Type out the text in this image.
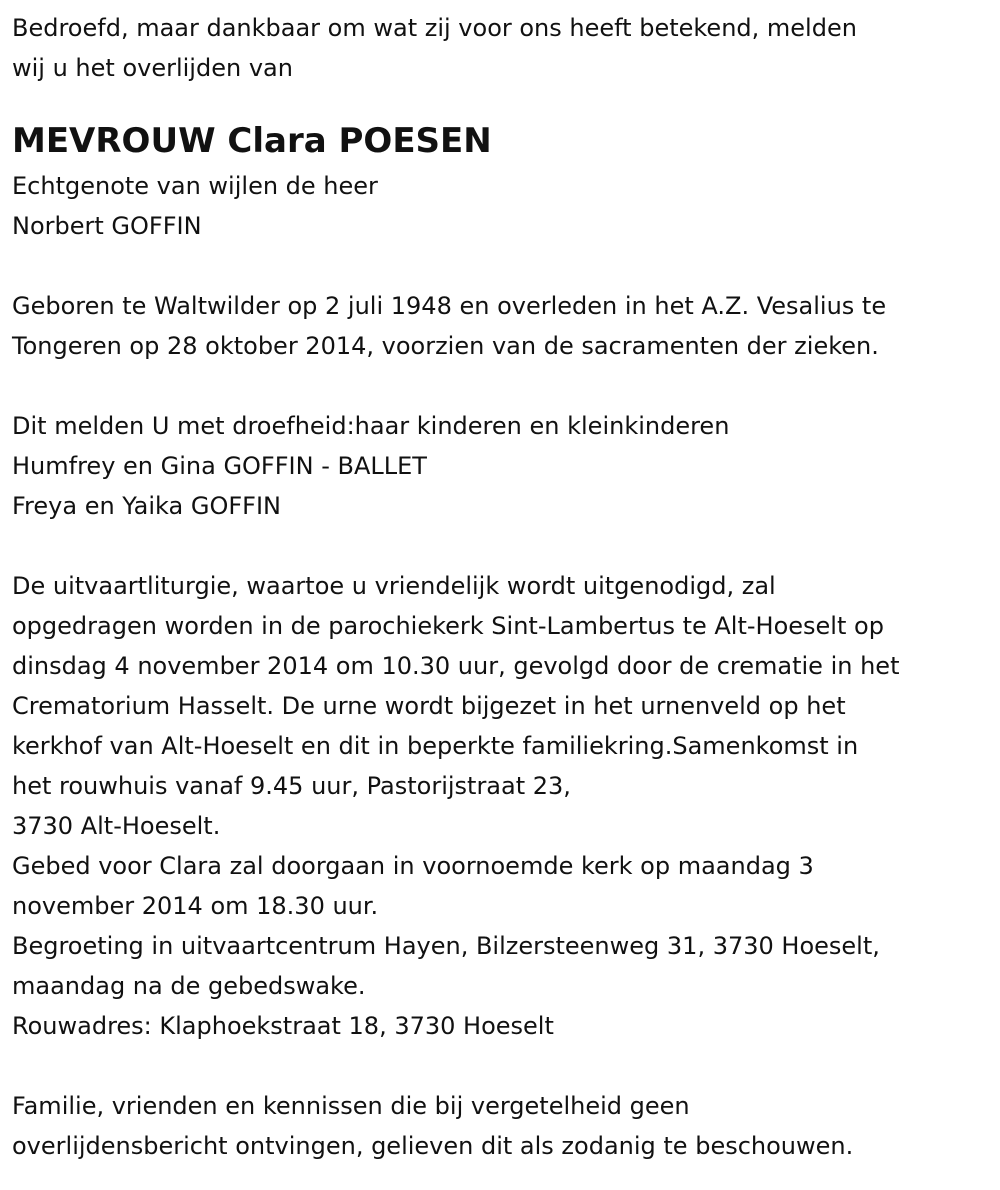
Bedroefd, maar dankbaar om wat zij voor ons heeft betekend, melden
wij u het overlijden van
MEVROUW Clara POESEN
Echtgenote van wijlen de heer
Norbert GOFFIN
Geboren te Waltwilder op 2 juli 1948 en overleden in het A.Z. Vesalius te
Tongeren op 28 oktober 2014, voorzien van de sacramenten der zieken.
Dit melden U met droefheid:haar kinderen en kleinkinderen
Humfrey en Gina GOFFIN - BALLET
Freya en Yaika GOFFIN
De uitvaartliturgie, waartoe u vriendelijk wordt uitgenodigd, zal
opgedragen worden in de parochiekerk Sint-Lambertus te Alt-Hoeselt op
dinsdag 4 november 2014 om 10.30 uur, gevolgd door de crematie in het
Crematorium Hasselt. De urne wordt bijgezet in het urnenveld op het
kerkhof van Alt-Hoeselt en dit in beperkte familiekring.Samenkomst in
het rouwhuis vanaf 9.45 uur, Pastorijstraat 23,
3730 Alt-Hoeselt.
Gebed voor Clara zal doorgaan in voornoemde kerk op maandag 3
november 2014 om 18.30 uur.
Begroeting in uitvaartcentrum Hayen, Bilzersteenweg 31, 3730 Hoeselt,
maandag na de gebedswake.
Rouwadres: Klaphoekstraat 18, 3730 Hoeselt
Familie, vrienden en kennissen die bij vergetelheid geen
overlijdensbericht ontvingen, gelieven dit als zodanig te beschouwen.
